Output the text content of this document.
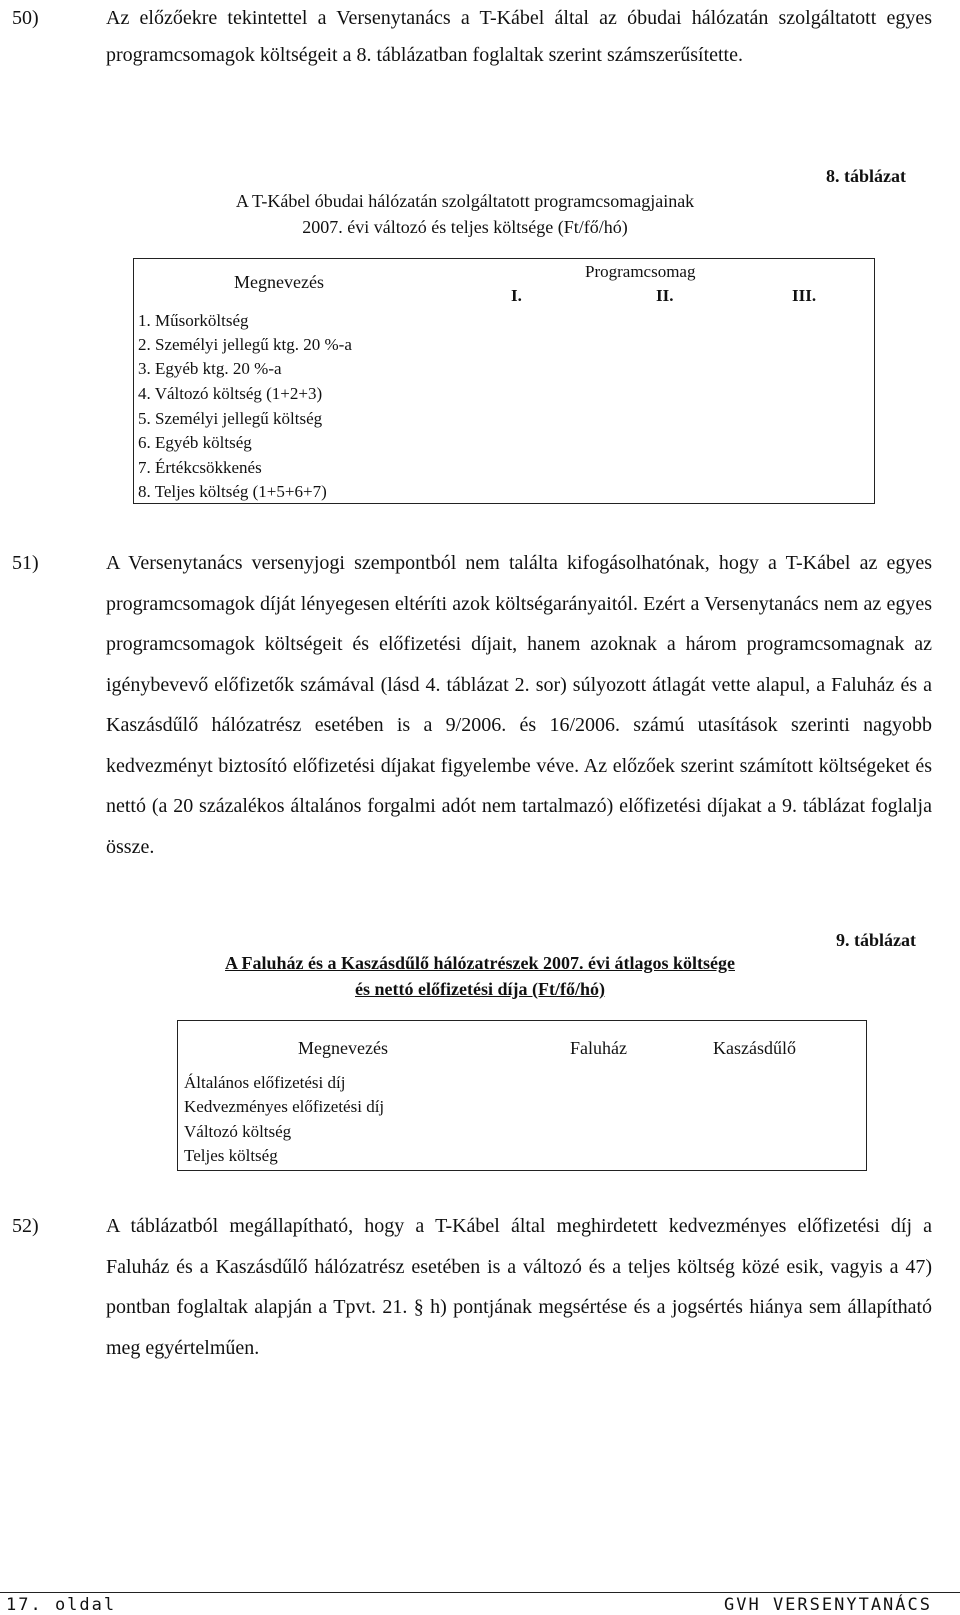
50)	Az előzőekre tekintettel a Versenytanács a T-Kábel által az óbudai hálózatán szolgáltatott egyes programcsomagok költségeit a 8. táblázatban foglaltak szerint számszerűsítette.
8. táblázat
A T-Kábel óbudai hálózatán szolgáltatott programcsomagjainak
2007. évi változó és teljes költsége (Ft/fő/hó)
Megnevezés
Programcsomag
I.	II.	III.
1. Műsorköltség
2. Személyi jellegű ktg. 20 %-a
3. Egyéb ktg. 20 %-a
4. Változó költség (1+2+3)
5. Személyi jellegű költség
6. Egyéb költség
7. Értékcsökkenés
8. Teljes költség (1+5+6+7)
51)	A Versenytanács versenyjogi szempontból nem találta kifogásolhatónak, hogy a T-Kábel az egyes programcsomagok díját lényegesen eltéríti azok költségarányaitól. Ezért a Versenytanács nem az egyes programcsomagok költségeit és előfizetési díjait, hanem azoknak a három programcsomagnak az igénybevevő előfizetők számával (lásd 4. táblázat 2. sor) súlyozott átlagát vette alapul, a Faluház és a Kaszásdűlő hálózatrész esetében is a 9/2006. és 16/2006. számú utasítások szerinti nagyobb kedvezményt biztosító előfizetési díjakat figyelembe véve. Az előzőek szerint számított költségeket és nettó (a 20 százalékos általános forgalmi adót nem tartalmazó) előfizetési díjakat a 9. táblázat foglalja össze.
9. táblázat
A Faluház és a Kaszásdűlő hálózatrészek 2007. évi átlagos költsége
és nettó előfizetési díja (Ft/fő/hó)
Megnevezés	Faluház	Kaszásdűlő
Általános előfizetési díj
Kedvezményes előfizetési díj
Változó költség
Teljes költség
52)	A táblázatból megállapítható, hogy a T-Kábel által meghirdetett kedvezményes előfizetési díj a Faluház és a Kaszásdűlő hálózatrész esetében is a változó és a teljes költség közé esik, vagyis a 47) pontban foglaltak alapján a Tpvt. 21. § h) pontjának megsértése és a jogsértés hiánya sem állapítható meg egyértelműen.
17. oldal	GVH VERSENYTANÁCS
